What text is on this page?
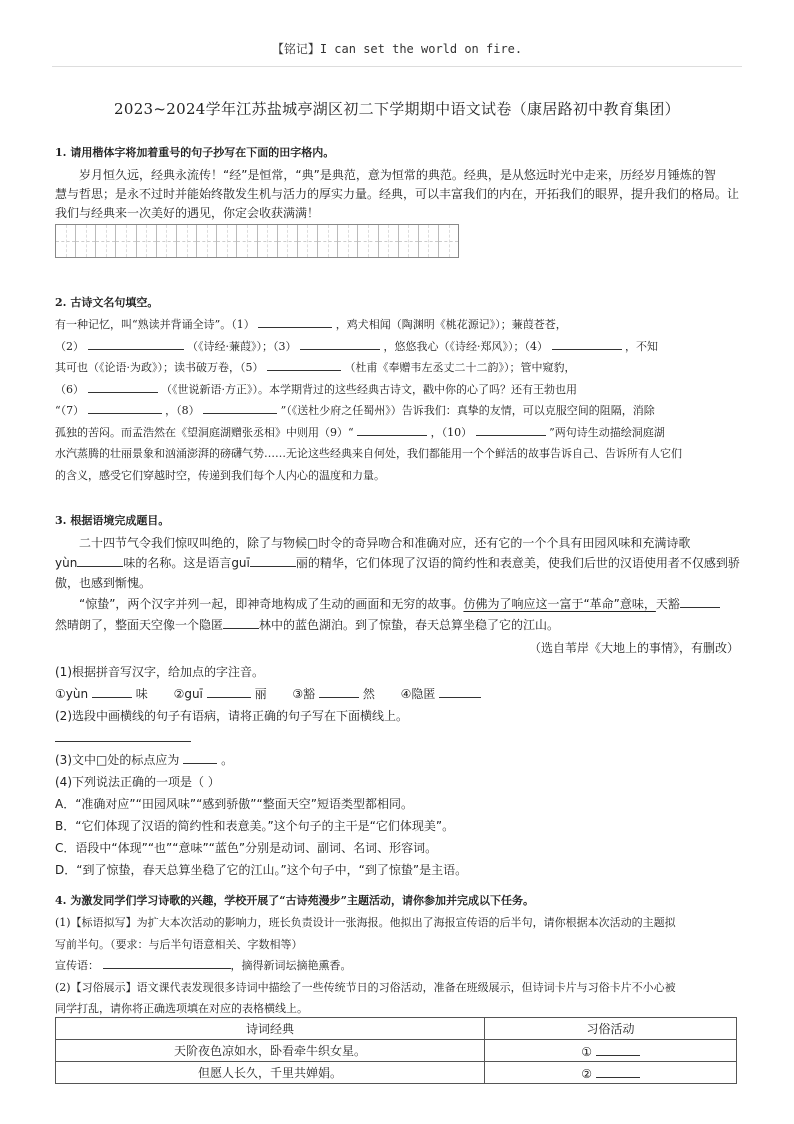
【铭记】I can set the world on fire.
2023~2024学年江苏盐城亭湖区初二下学期期中语文试卷（康居路初中教育集团）
1. 请用楷体字将加着重号的句子抄写在下面的田字格内。

岁月恒久远，经典永流传！“经”是恒常，“典”是典范，意为恒常的典范。经典，是从悠远时光中走来，历经岁月锤炼的智

慧与哲思；是永不过时并能始终散发生机与活力的厚实力量。经典，可以丰富我们的内在，开拓我们的眼界，提升我们的格局。让

我们与经典来一次美好的遇见，你定会收获满满！

2. 古诗文名句填空。

有一种记忆，叫“熟读并背诵全诗”。（1）	，鸡犬相闻（陶渊明《桃花源记》）；蒹葭苍苍，

（2）	（《诗经·蒹葭》）；（3）	，悠悠我心（《诗经·郑风》）；（4）	，不知

其可也（《论语·为政》）；读书破万卷，（5）	（杜甫《奉赠韦左丞丈二十二韵》）；管中窥豹，

（6）	（《世说新语·方正》）。本学期背过的这些经典古诗文，戳中你的心了吗？还有王勃也用

“（7）	，（8）	”（《送杜少府之任蜀州》）告诉我们：真挚的友情，可以克服空间的阻隔，消除

孤独的苦闷。而孟浩然在《望洞庭湖赠张丞相》中则用（9）“	，（10）	”两句诗生动描绘洞庭湖

水汽蒸腾的壮丽景象和汹涌澎湃的磅礴气势……无论这些经典来自何处，我们都能用一个个鲜活的故事告诉自己、告诉所有人它们

的含义，感受它们穿越时空，传递到我们每个人内心的温度和力量。

3. 根据语境完成题目。

二十四节气令我们惊叹叫绝的，除了与物候□时令的奇异吻合和准确对应，还有它的一个个具有田园风味和充满诗歌

yùn	味的名称。这是语言guī	丽的精华，它们体现了汉语的简约性和表意美，使我们后世的汉语使用者不仅感到骄

傲，也感到惭愧。

“惊蛰”，两个汉字并列一起，即神奇地构成了生动的画面和无穷的故事。仿佛为了响应这一富于“革命”意味，天豁

然晴朗了，整面天空像一个隐匿	林中的蓝色湖泊。到了惊蛰，春天总算坐稳了它的江山。

（选自苇岸《大地上的事情》，有删改）

(1)根据拼音写汉字，给加点的字注音。

①yùn	味 ②guī	丽 ③豁	然 ④隐匿

(2)选段中画横线的句子有语病，请将正确的句子写在下面横线上。

(3)文中□处的标点应为	。

(4)下列说法正确的一项是（ ）

A．“准确对应”“田园风味”“感到骄傲”“整面天空”短语类型都相同。

B．“它们体现了汉语的简约性和表意美。”这个句子的主干是“它们体现美”。

C．语段中“体现”“也”“意味”“蓝色”分别是动词、副词、名词、形容词。

D．“到了惊蛰，春天总算坐稳了它的江山。”这个句子中，“到了惊蛰”是主语。

4. 为激发同学们学习诗歌的兴趣，学校开展了“古诗苑漫步”主题活动，请你参加并完成以下任务。

(1)【标语拟写】为扩大本次活动的影响力，班长负责设计一张海报。他拟出了海报宣传语的后半句，请你根据本次活动的主题拟

写前半句。（要求：与后半句语意相关、字数相等）

宣传语：	，摘得新词坛摘艳熏香。

(2)【习俗展示】语文课代表发现很多诗词中描绘了一些传统节日的习俗活动，准备在班级展示，但诗词卡片与习俗卡片不小心被

同学打乱，请你将正确选项填在对应的表格横线上。

诗词经典	习俗活动
天阶夜色凉如水，卧看牵牛织女星。	①
但愿人长久，千里共婵娟。	②
